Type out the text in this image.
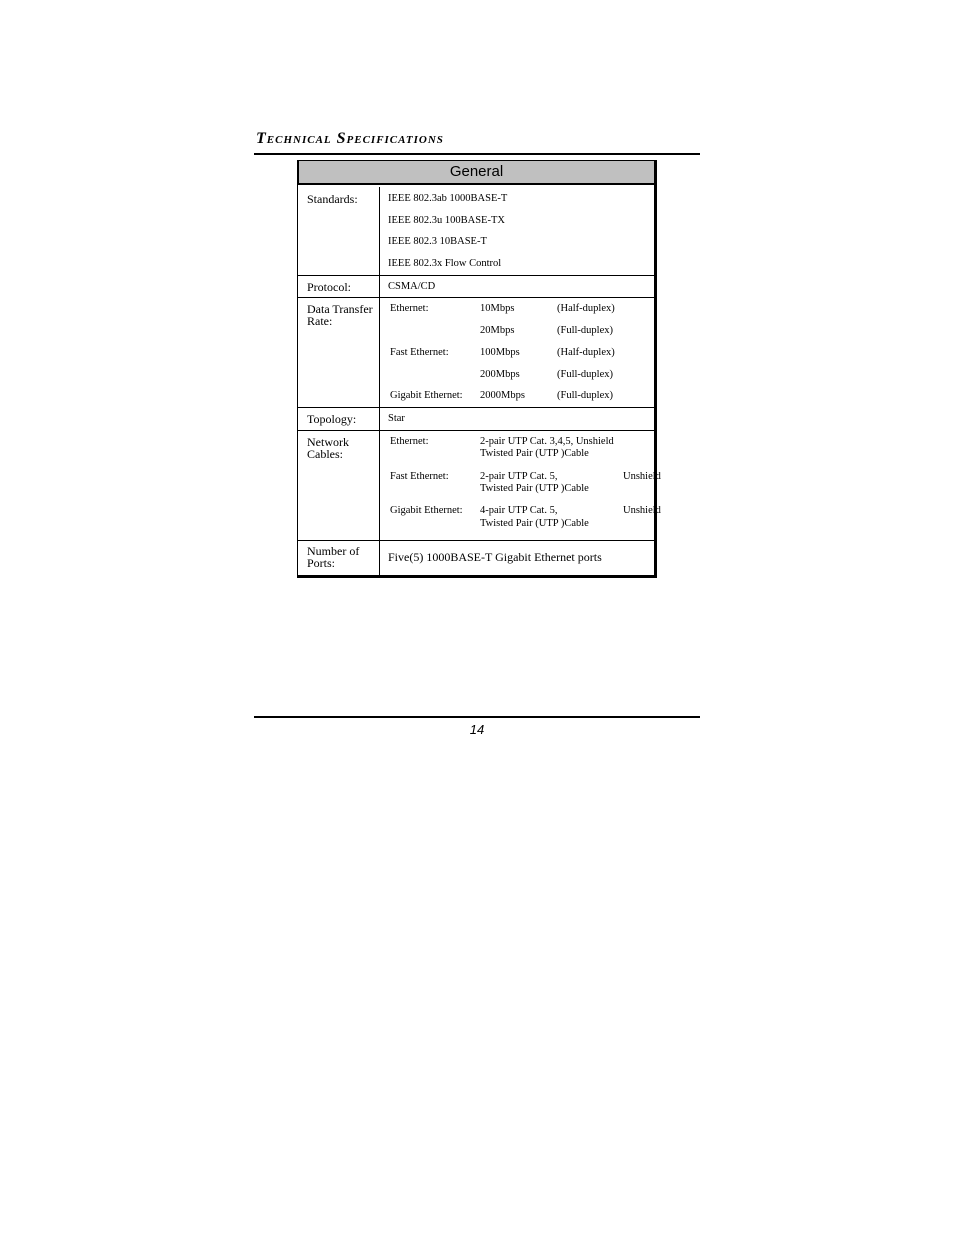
Technical Specifications
General
Standards:	IEEE 802.3ab 1000BASE-T
IEEE 802.3u 100BASE-TX
IEEE 802.3 10BASE-T
IEEE 802.3x Flow Control
Protocol:	CSMA/CD
Data Transfer Rate:
Ethernet:	10Mbps	(Half-duplex)
20Mbps	(Full-duplex)
Fast Ethernet:	100Mbps	(Half-duplex)
200Mbps	(Full-duplex)
Gigabit Ethernet: 2000Mbps	(Full-duplex)
Topology:	Star
Network Cables:
Ethernet:	2-pair UTP Cat. 3,4,5, Unshield
Twisted Pair (UTP )Cable
Fast Ethernet:	2-pair UTP Cat. 5,	Unshield
Twisted Pair (UTP )Cable
Gigabit Ethernet: 4-pair UTP Cat. 5,	Unshield
Twisted Pair (UTP )Cable
Number of Ports:	Five(5) 1000BASE-T Gigabit Ethernet ports
14
